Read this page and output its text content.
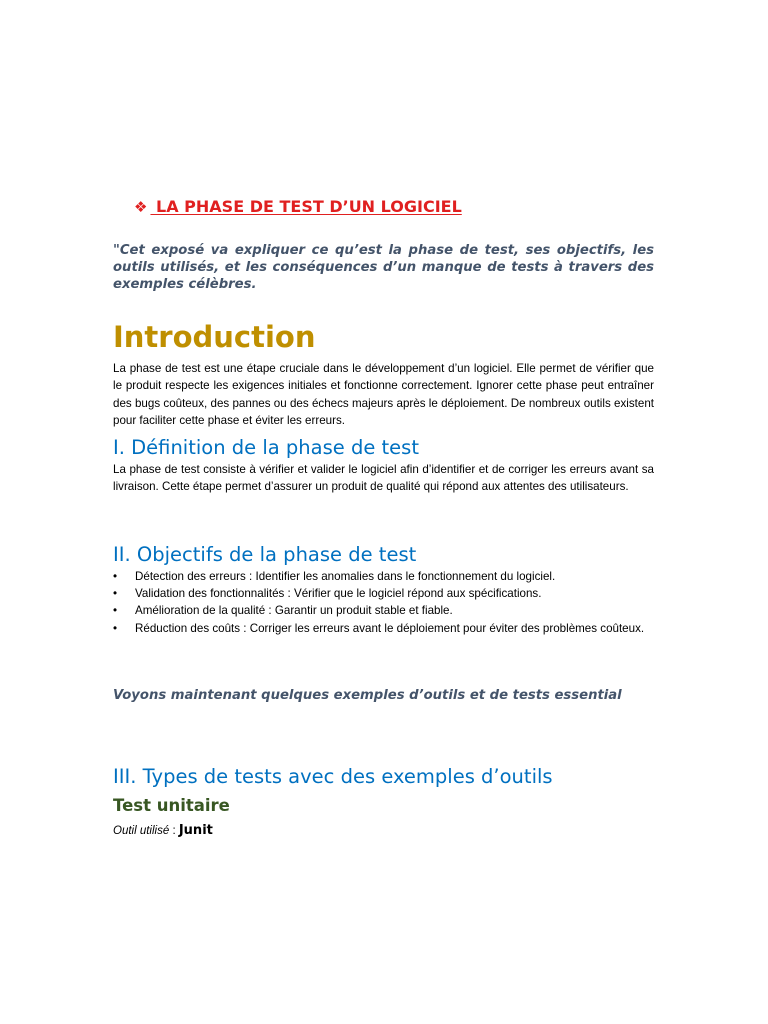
❖ LA PHASE DE TEST D’UN LOGICIEL

"Cet exposé va expliquer ce qu’est la phase de test, ses objectifs, les outils utilisés, et les conséquences d’un manque de tests à travers des exemples célèbres.

Introduction

La phase de test est une étape cruciale dans le développement d’un logiciel. Elle permet de vérifier que le produit respecte les exigences initiales et fonctionne correctement. Ignorer cette phase peut entraîner des bugs coûteux, des pannes ou des échecs majeurs après le déploiement. De nombreux outils existent pour faciliter cette phase et éviter les erreurs.

I. Définition de la phase de test

La phase de test consiste à vérifier et valider le logiciel afin d’identifier et de corriger les erreurs avant sa livraison. Cette étape permet d’assurer un produit de qualité qui répond aux attentes des utilisateurs.

II. Objectifs de la phase de test
•	Détection des erreurs : Identifier les anomalies dans le fonctionnement du logiciel.
•	Validation des fonctionnalités : Vérifier que le logiciel répond aux spécifications.
•	Amélioration de la qualité : Garantir un produit stable et fiable.
•	Réduction des coûts : Corriger les erreurs avant le déploiement pour éviter des problèmes coûteux.

Voyons maintenant quelques exemples d’outils et de tests essential

III. Types de tests avec des exemples d’outils
Test unitaire

Outil utilisé : Junit
